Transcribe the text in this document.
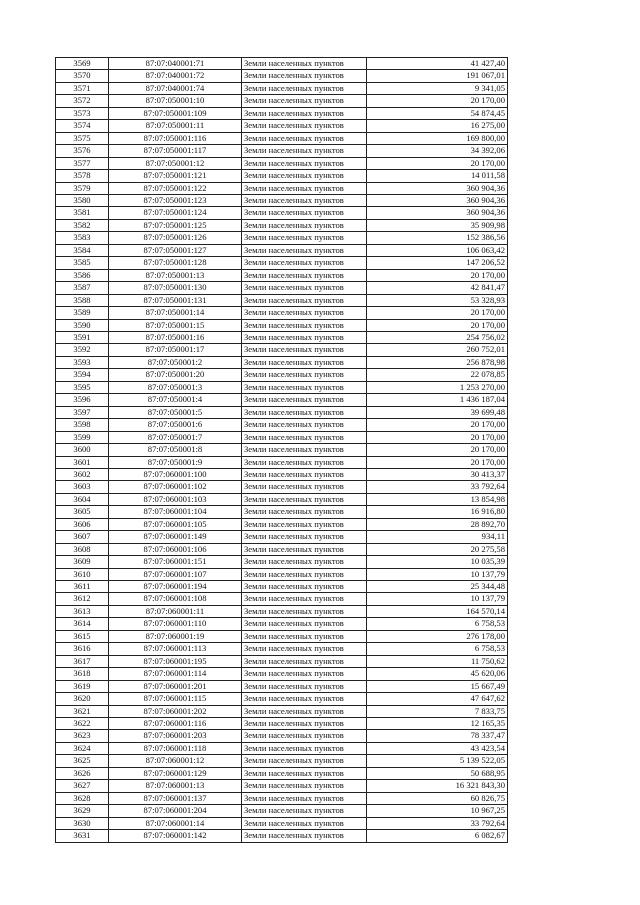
3569	87:07:040001:71	Земли населенных пунктов	41 427,40
3570	87:07:040001:72	Земли населенных пунктов	191 067,01
3571	87:07:040001:74	Земли населенных пунктов	9 341,05
3572	87:07:050001:10	Земли населенных пунктов	20 170,00
3573	87:07:050001:109	Земли населенных пунктов	54 874,45
3574	87:07:050001:11	Земли населенных пунктов	16 275,00
3575	87:07:050001:116	Земли населенных пунктов	169 800,00
3576	87:07:050001:117	Земли населенных пунктов	34 392,06
3577	87:07:050001:12	Земли населенных пунктов	20 170,00
3578	87:07:050001:121	Земли населенных пунктов	14 011,58
3579	87:07:050001:122	Земли населенных пунктов	360 904,36
3580	87:07:050001:123	Земли населенных пунктов	360 904,36
3581	87:07:050001:124	Земли населенных пунктов	360 904,36
3582	87:07:050001:125	Земли населенных пунктов	35 909,98
3583	87:07:050001:126	Земли населенных пунктов	152 386,56
3584	87:07:050001:127	Земли населенных пунктов	106 063,42
3585	87:07:050001:128	Земли населенных пунктов	147 206,52
3586	87:07:050001:13	Земли населенных пунктов	20 170,00
3587	87:07:050001:130	Земли населенных пунктов	42 841,47
3588	87:07:050001:131	Земли населенных пунктов	53 328,93
3589	87:07:050001:14	Земли населенных пунктов	20 170,00
3590	87:07:050001:15	Земли населенных пунктов	20 170,00
3591	87:07:050001:16	Земли населенных пунктов	254 756,02
3592	87:07:050001:17	Земли населенных пунктов	260 752,01
3593	87:07:050001:2	Земли населенных пунктов	256 878,98
3594	87:07:050001:20	Земли населенных пунктов	22 078,85
3595	87:07:050001:3	Земли населенных пунктов	1 253 270,00
3596	87:07:050001:4	Земли населенных пунктов	1 436 187,04
3597	87:07:050001:5	Земли населенных пунктов	39 699,48
3598	87:07:050001:6	Земли населенных пунктов	20 170,00
3599	87:07:050001:7	Земли населенных пунктов	20 170,00
3600	87:07:050001:8	Земли населенных пунктов	20 170,00
3601	87:07:050001:9	Земли населенных пунктов	20 170,00
3602	87:07:060001:100	Земли населенных пунктов	30 413,37
3603	87:07:060001:102	Земли населенных пунктов	33 792,64
3604	87:07:060001:103	Земли населенных пунктов	13 854,98
3605	87:07:060001:104	Земли населенных пунктов	16 916,80
3606	87:07:060001:105	Земли населенных пунктов	28 892,70
3607	87:07:060001:149	Земли населенных пунктов	934,11
3608	87:07:060001:106	Земли населенных пунктов	20 275,58
3609	87:07:060001:151	Земли населенных пунктов	10 035,39
3610	87:07:060001:107	Земли населенных пунктов	10 137,79
3611	87:07:060001:194	Земли населенных пунктов	25 344,48
3612	87:07:060001:108	Земли населенных пунктов	10 137,79
3613	87:07:060001:11	Земли населенных пунктов	164 570,14
3614	87:07:060001:110	Земли населенных пунктов	6 758,53
3615	87:07:060001:19	Земли населенных пунктов	276 178,00
3616	87:07:060001:113	Земли населенных пунктов	6 758,53
3617	87:07:060001:195	Земли населенных пунктов	11 750,62
3618	87:07:060001:114	Земли населенных пунктов	45 620,06
3619	87:07:060001:201	Земли населенных пунктов	15 667,49
3620	87:07:060001:115	Земли населенных пунктов	47 647,62
3621	87:07:060001:202	Земли населенных пунктов	7 833,75
3622	87:07:060001:116	Земли населенных пунктов	12 165,35
3623	87:07:060001:203	Земли населенных пунктов	78 337,47
3624	87:07:060001:118	Земли населенных пунктов	43 423,54
3625	87:07:060001:12	Земли населенных пунктов	5 139 522,05
3626	87:07:060001:129	Земли населенных пунктов	50 688,95
3627	87:07:060001:13	Земли населенных пунктов	16 321 843,30
3628	87:07:060001:137	Земли населенных пунктов	60 826,75
3629	87:07:060001:204	Земли населенных пунктов	10 967,25
3630	87:07:060001:14	Земли населенных пунктов	33 792,64
3631	87:07:060001:142	Земли населенных пунктов	6 082,67
